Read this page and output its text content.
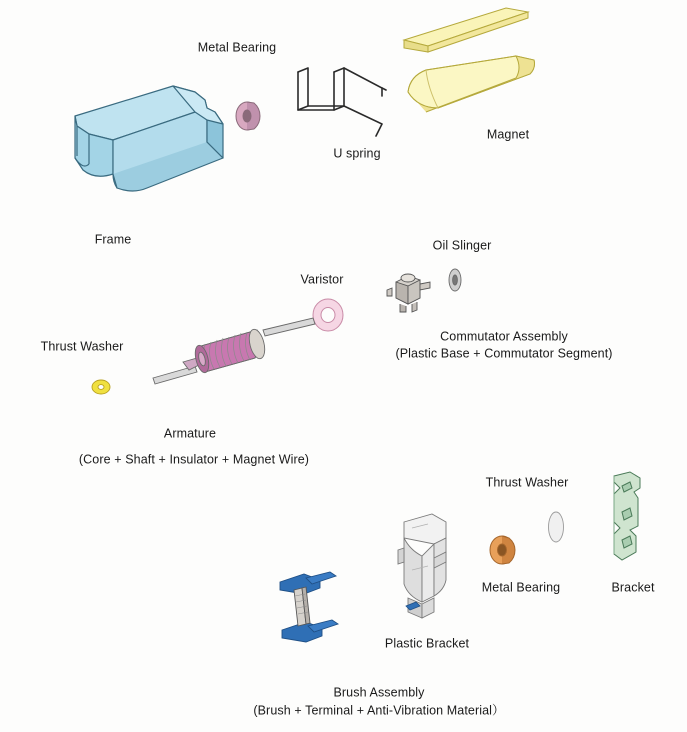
Metal Bearing
Magnet
U spring
Frame	Oil Slinger
Varistor
Commutator Assembly
(Plastic Base + Commutator Segment)
Thrust Washer
Armature
(Core + Shaft + Insulator + Magnet Wire)
Thrust Washer
Metal Bearing	Bracket
Plastic Bracket
Brush Assembly
(Brush + Terminal + Anti-Vibration Material）
